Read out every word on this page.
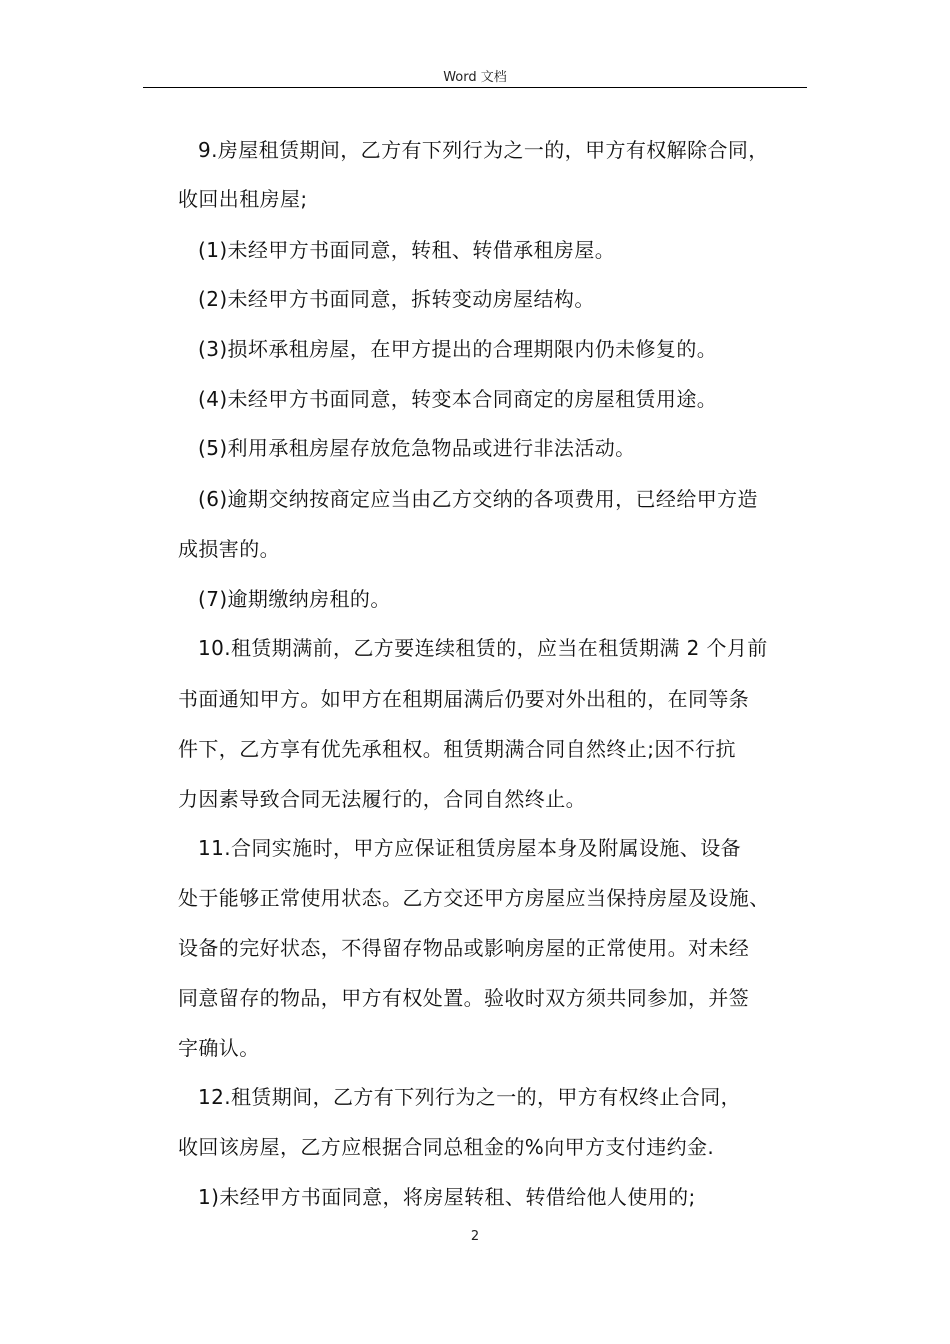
Word 文档
9.房屋租赁期间，乙方有下列行为之一的，甲方有权解除合同，
收回出租房屋;
(1)未经甲方书面同意，转租、转借承租房屋。
(2)未经甲方书面同意，拆转变动房屋结构。
(3)损坏承租房屋，在甲方提出的合理期限内仍未修复的。
(4)未经甲方书面同意，转变本合同商定的房屋租赁用途。
(5)利用承租房屋存放危急物品或进行非法活动。
(6)逾期交纳按商定应当由乙方交纳的各项费用，已经给甲方造
成损害的。
(7)逾期缴纳房租的。
10.租赁期满前，乙方要连续租赁的，应当在租赁期满 2 个月前
书面通知甲方。如甲方在租期届满后仍要对外出租的，在同等条
件下，乙方享有优先承租权。租赁期满合同自然终止;因不行抗
力因素导致合同无法履行的，合同自然终止。
11.合同实施时，甲方应保证租赁房屋本身及附属设施、设备
处于能够正常使用状态。乙方交还甲方房屋应当保持房屋及设施、
设备的完好状态，不得留存物品或影响房屋的正常使用。对未经
同意留存的物品，甲方有权处置。验收时双方须共同参加，并签
字确认。
12.租赁期间，乙方有下列行为之一的，甲方有权终止合同，
收回该房屋，乙方应根据合同总租金的%向甲方支付违约金.
1)未经甲方书面同意，将房屋转租、转借给他人使用的;
2
